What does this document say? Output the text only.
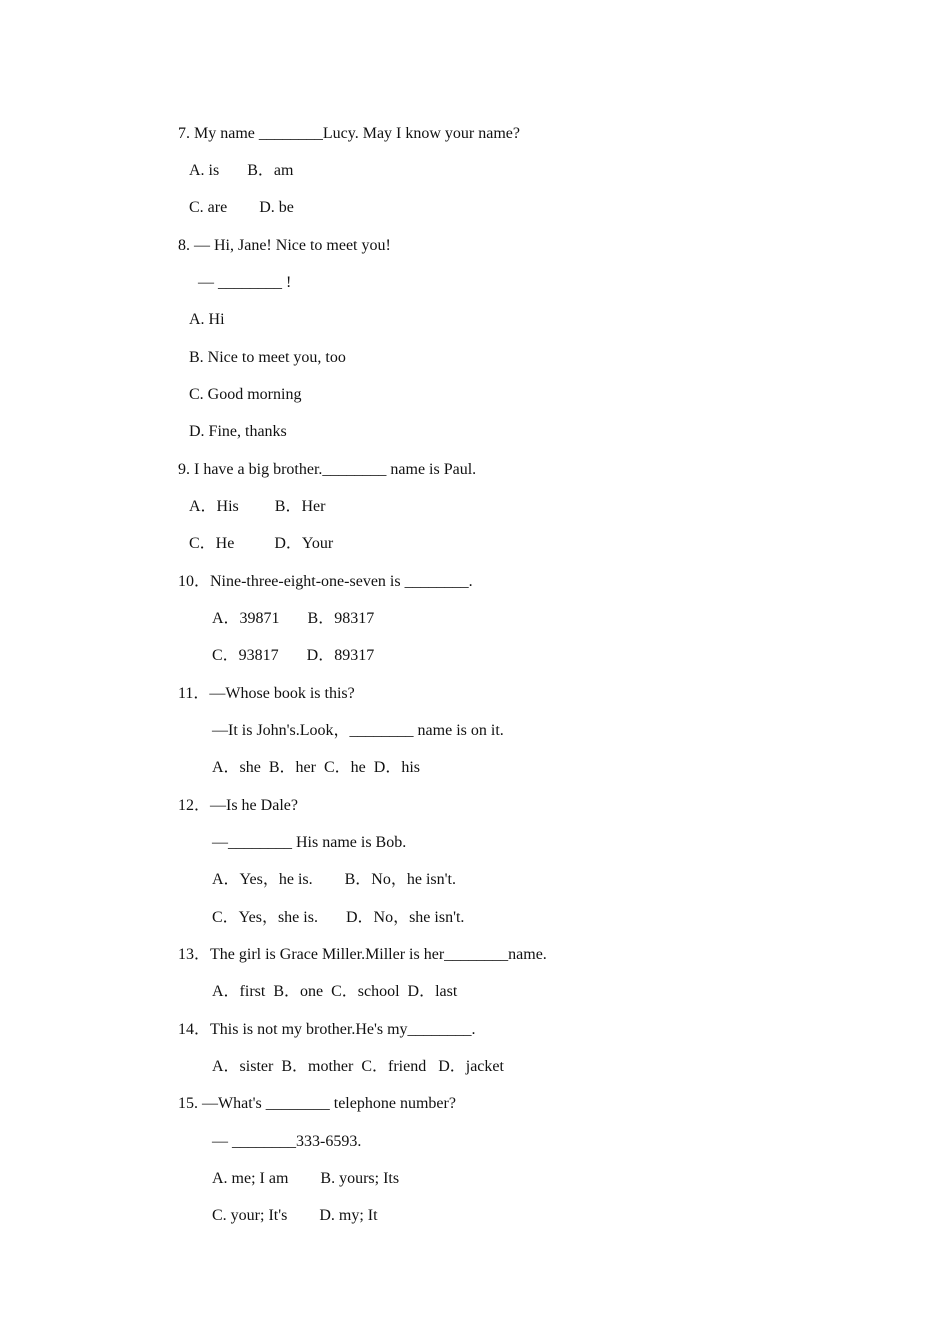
7. My name ________Lucy. May I know your name?
A. is       B．am
C. are        D. be
8. — Hi, Jane! Nice to meet you!
— ________ !
A. Hi
B. Nice to meet you, too
C. Good morning
D. Fine, thanks
9. I have a big brother.________ name is Paul.
A．His         B．Her
C．He          D．Your
10．Nine-three-eight-one-seven is ________.
A．39871       B．98317
C．93817       D．89317
11．—Whose book is this?
—It is John's.Look，________ name is on it.
A．she  B．her  C．he  D．his
12．—Is he Dale?
—________ His name is Bob.
A．Yes，he is.        B．No，he isn't.
C．Yes，she is.       D．No，she isn't.
13．The girl is Grace Miller.Miller is her________name.
A．first  B．one  C．school  D．last
14．This is not my brother.He's my________.
A．sister  B．mother  C．friend   D．jacket
15. —What's ________ telephone number?
— ________333-6593.
A. me; I am        B. yours; Its
C. your; It's        D. my; It
